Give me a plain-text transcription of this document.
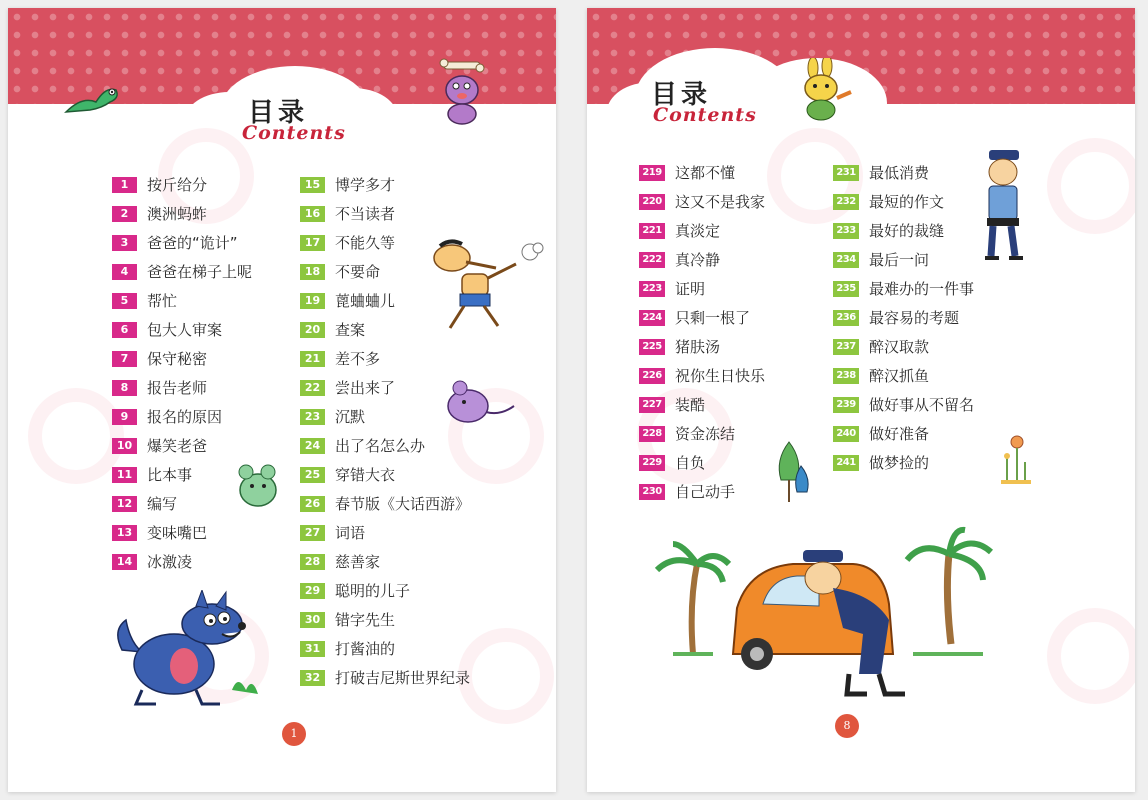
目录
Contents
1	按斤给分
2	澳洲蚂蚱
3	爸爸的“诡计”
4	爸爸在梯子上呢
5	帮忙
6	包大人审案
7	保守秘密
8	报告老师
9	报名的原因
10 爆笑老爸
11 比本事
12 编写
13 变味嘴巴
14 冰激凌
15 博学多才
16 不当读者
17 不能久等
18 不要命
19 蓖蛐蛐儿
20 查案
21 差不多
22 尝出来了
23 沉默
24 出了名怎么办
25 穿错大衣
26 春节版《大话西游》
27 词语
28 慈善家
29 聪明的儿子
30 错字先生
31 打酱油的
32 打破吉尼斯世界纪录
1
目录
Contents
219 这都不懂
220 这又不是我家
221 真淡定
222 真冷静
223 证明
224 只剩一根了
225 猪肤汤
226 祝你生日快乐
227 装酷
228 资金冻结
229 自负
230 自己动手
231 最低消费
232 最短的作文
233 最好的裁缝
234 最后一问
235 最难办的一件事
236 最容易的考题
237 醉汉取款
238 醉汉抓鱼
239 做好事从不留名
240 做好准备
241 做梦捡的
8
